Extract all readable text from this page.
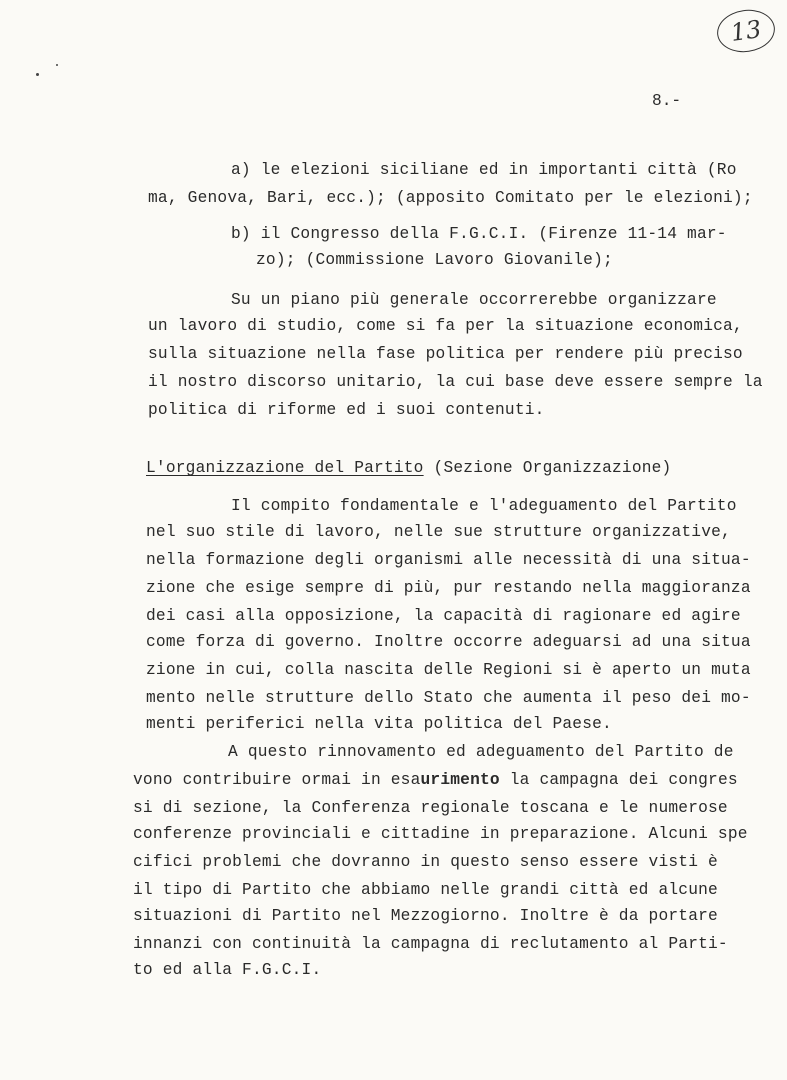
13
8.-
a) le elezioni siciliane ed in importanti città (Ro
ma, Genova, Bari, ecc.); (apposito Comitato per le elezioni);
b) il Congresso della F.G.C.I. (Firenze 11-14 mar-
zo); (Commissione Lavoro Giovanile);
Su un piano più generale occorrerebbe organizzare
un lavoro di studio, come si fa per la situazione economica,
sulla situazione nella fase politica per rendere più preciso
il nostro discorso unitario, la cui base deve essere sempre la
politica di riforme ed i suoi contenuti.
L'organizzazione del Partito (Sezione Organizzazione)
Il compito fondamentale e l'adeguamento del Partito
nel suo stile di lavoro, nelle sue strutture organizzative,
nella formazione degli organismi alle necessità di una situa-
zione che esige sempre di più, pur restando nella maggioranza
dei casi alla opposizione, la capacità di ragionare ed agire
come forza di governo. Inoltre occorre adeguarsi ad una situa
zione in cui, colla nascita delle Regioni si è aperto un muta
mento nelle strutture dello Stato che aumenta il peso dei mo-
menti periferici nella vita politica del Paese.
A questo rinnovamento ed adeguamento del Partito de
vono contribuire ormai in esaurimento la campagna dei congres
si di sezione, la Conferenza regionale toscana e le numerose
conferenze provinciali e cittadine in preparazione. Alcuni spe
cifici problemi che dovranno in questo senso essere visti è
il tipo di Partito che abbiamo nelle grandi città ed alcune
situazioni di Partito nel Mezzogiorno. Inoltre è da portare
innanzi con continuità la campagna di reclutamento al Parti-
to ed alla F.G.C.I.
